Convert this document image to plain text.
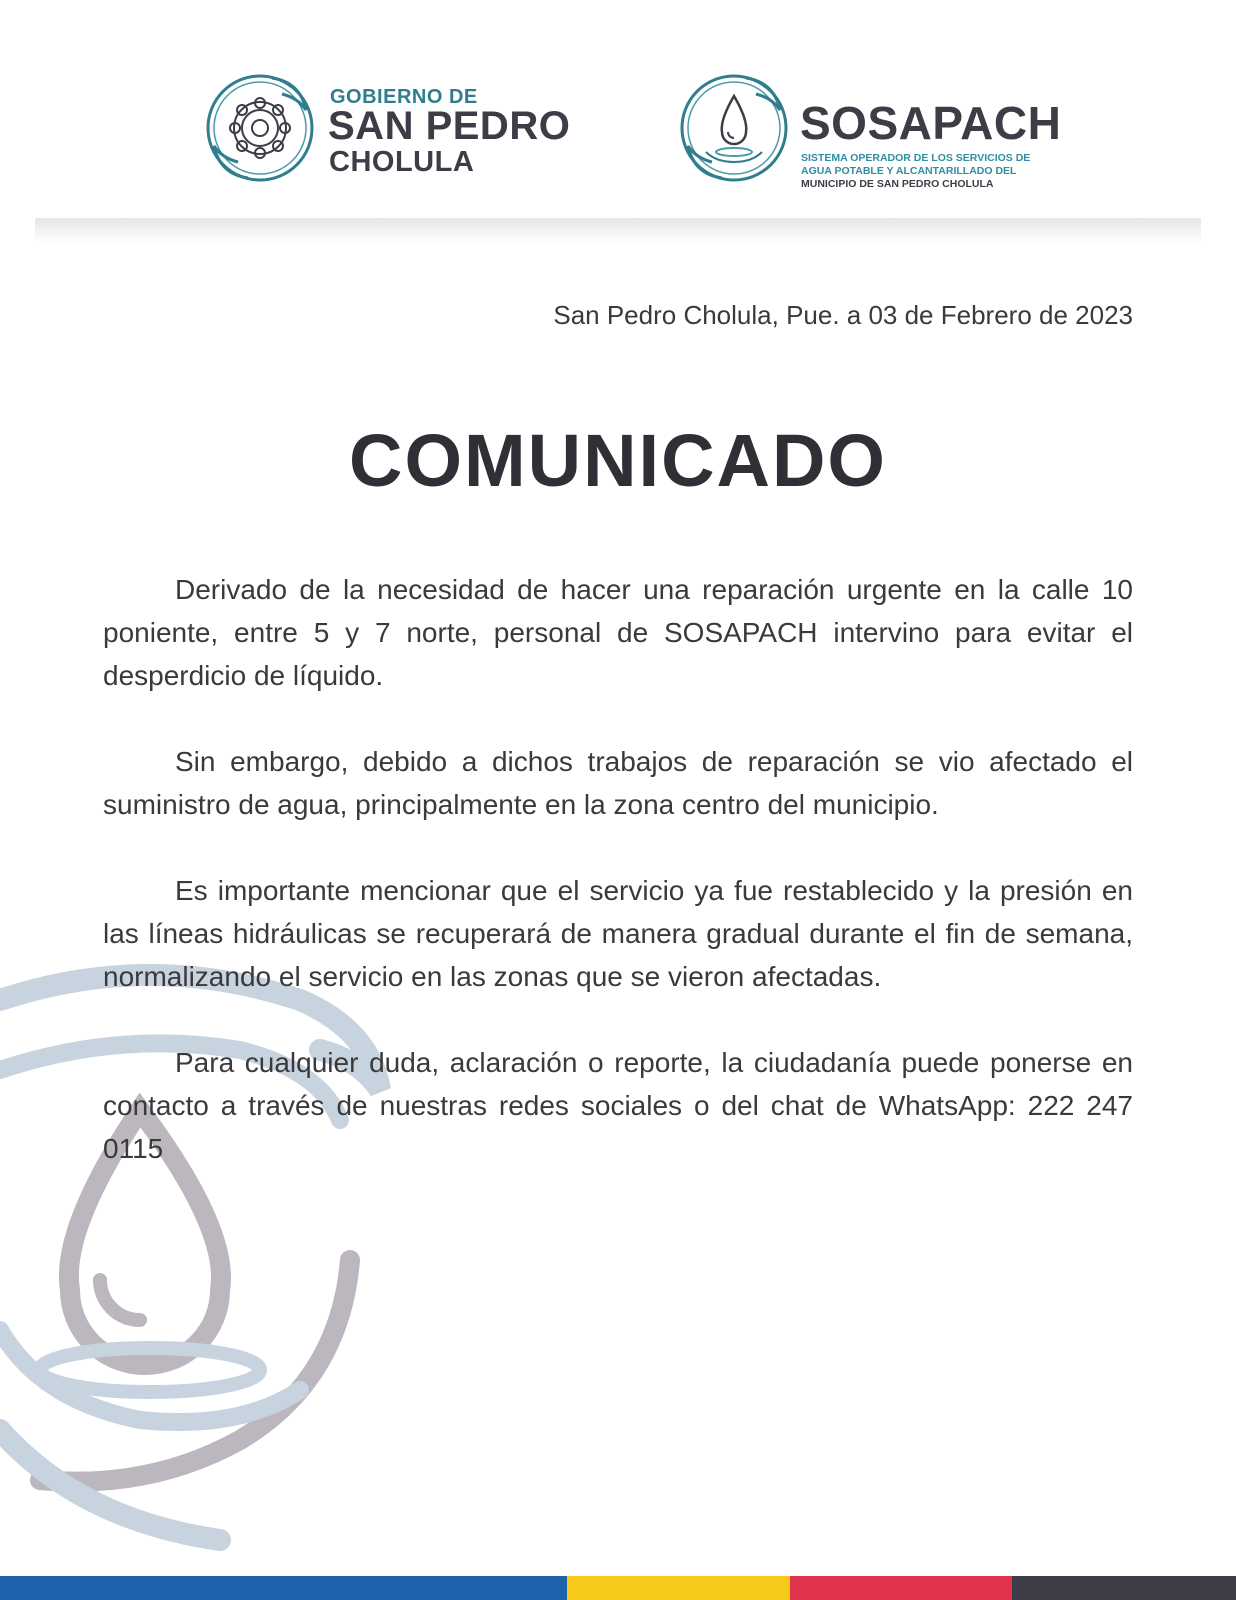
GOBIERNO DE
SAN PEDRO
CHOLULA
SOSAPACH
SISTEMA OPERADOR DE LOS SERVICIOS DE
AGUA POTABLE Y ALCANTARILLADO DEL
MUNICIPIO DE SAN PEDRO CHOLULA
San Pedro Cholula, Pue. a 03 de Febrero de 2023
COMUNICADO

Derivado de la necesidad de hacer una reparación urgente en la calle 10 poniente, entre 5 y 7 norte, personal de SOSAPACH intervino para evitar el desperdicio de líquido.

Sin embargo, debido a dichos trabajos de reparación se vio afectado el suministro de agua, principalmente en la zona centro del municipio.

Es importante mencionar que el servicio ya fue restablecido y la presión en las líneas hidráulicas se recuperará de manera gradual durante el fin de semana, normalizando el servicio en las zonas que se vieron afectadas.

Para cualquier duda, aclaración o reporte, la ciudadanía puede ponerse en contacto a través de nuestras redes sociales o del chat de WhatsApp: 222 247 0115
